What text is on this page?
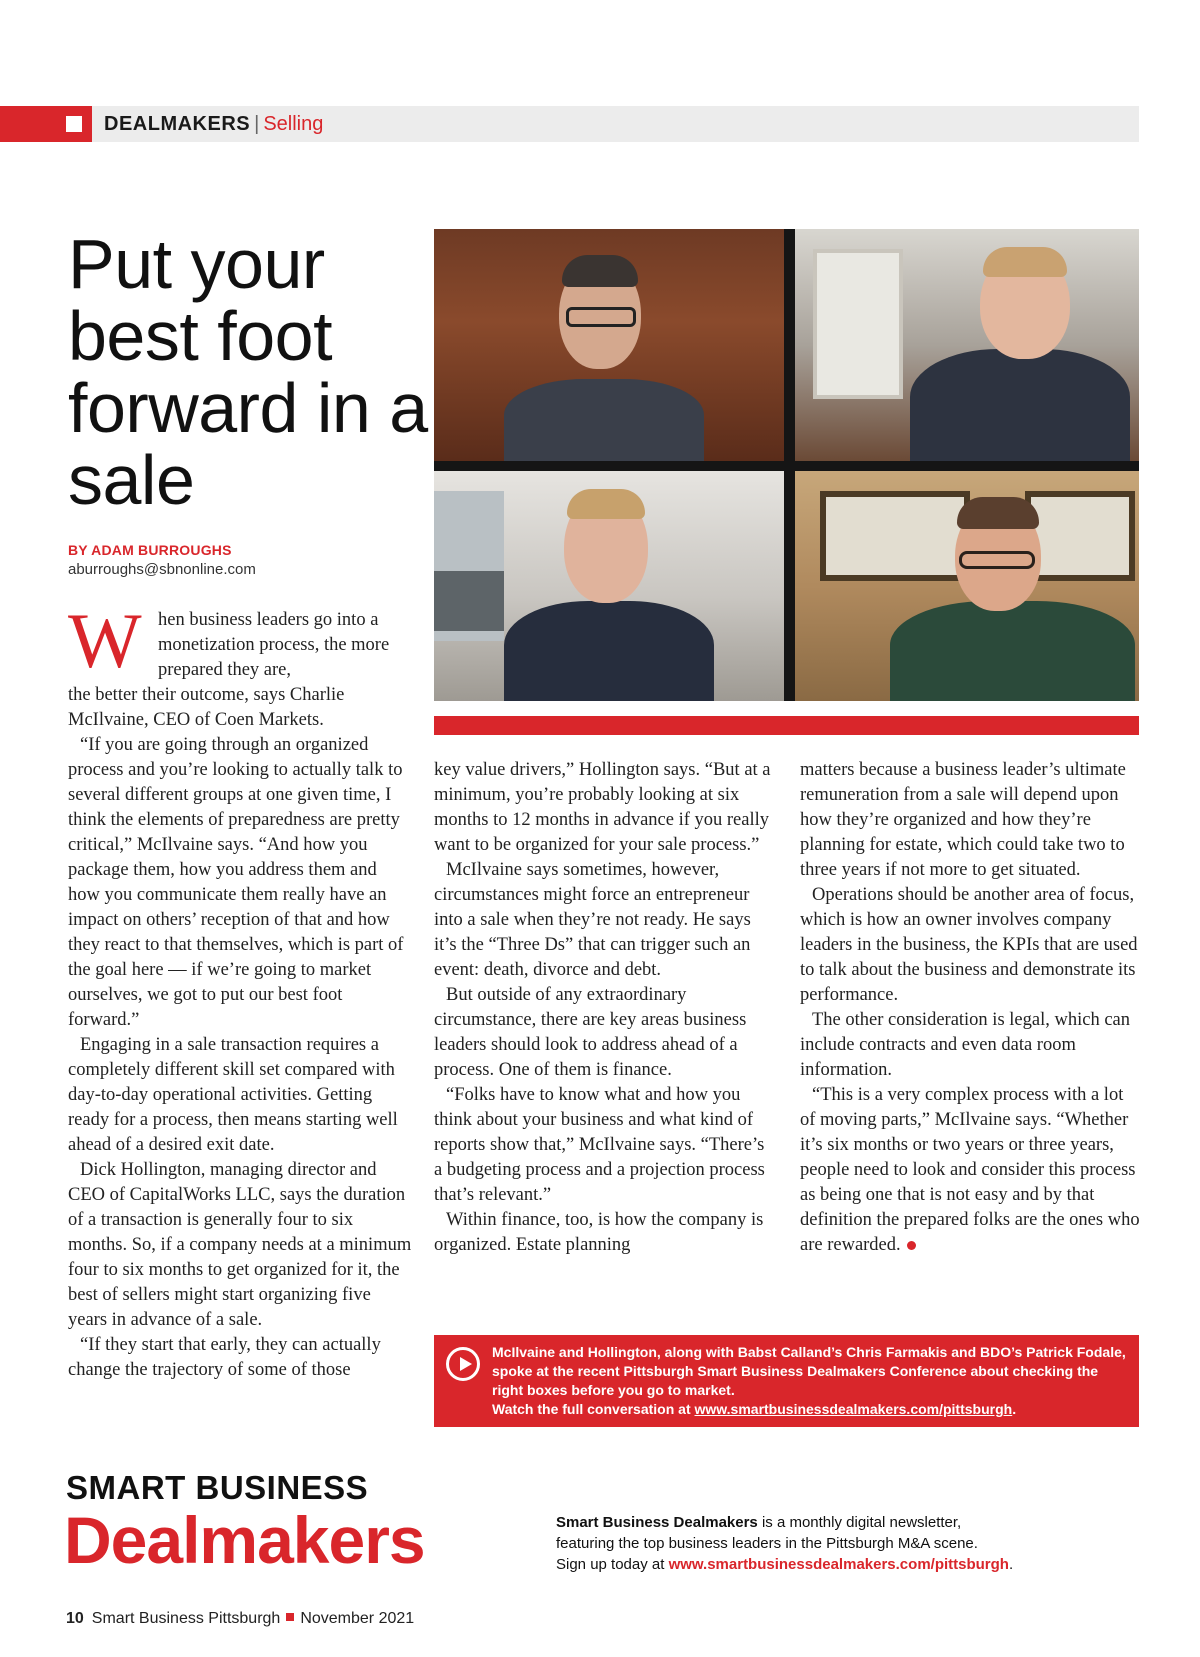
DEALMAKERS | Selling
Put your best foot forward in a sale
BY ADAM BURROUGHS
aburroughs@sbnonline.com
W hen business leaders go into a monetization process, the more prepared they are,

the better their outcome, says Charlie McIlvaine, CEO of Coen Markets.

“If you are going through an organized process and you’re looking to actually talk to several different groups at one given time, I think the elements of preparedness are pretty critical,” McIlvaine says. “And how you package them, how you address them and how you communicate them really have an impact on others’ reception of that and how they react to that themselves, which is part of the goal here — if we’re going to market ourselves, we got to put our best foot forward.”

Engaging in a sale transaction requires a completely different skill set compared with day-to-day operational activities. Getting ready for a process, then means starting well ahead of a desired exit date.

Dick Hollington, managing director and CEO of CapitalWorks LLC, says the duration of a transaction is generally four to six months. So, if a company needs at a minimum four to six months to get organized for it, the best of sellers might start organizing five years in advance of a sale.

“If they start that early, they can actually change the trajectory of some of those

key value drivers,” Hollington says. “But at a minimum, you’re probably looking at six months to 12 months in advance if you really want to be organized for your sale process.”

McIlvaine says sometimes, however, circumstances might force an entrepreneur into a sale when they’re not ready. He says it’s the “Three Ds” that can trigger such an event: death, divorce and debt.

But outside of any extraordinary circumstance, there are key areas business leaders should look to address ahead of a process. One of them is finance.

“Folks have to know what and how you think about your business and what kind of reports show that,” McIlvaine says. “There’s a budgeting process and a projection process that’s relevant.”

Within finance, too, is how the company is organized. Estate planning

matters because a business leader’s ultimate remuneration from a sale will depend upon how they’re organized and how they’re planning for estate, which could take two to three years if not more to get situated.

Operations should be another area of focus, which is how an owner involves company leaders in the business, the KPIs that are used to talk about the business and demonstrate its performance.

The other consideration is legal, which can include contracts and even data room information.

“This is a very complex process with a lot of moving parts,” McIlvaine says. “Whether it’s six months or two years or three years, people need to look and consider this process as being one that is not easy and by that definition the prepared folks are the ones who are rewarded.

McIlvaine and Hollington, along with Babst Calland’s Chris Farmakis and BDO’s Patrick Fodale, spoke at the recent Pittsburgh Smart Business Dealmakers Conference about checking the right boxes before you go to market.
Watch the full conversation at www.smartbusinessdealmakers.com/pittsburgh.
SMART BUSINESS
Dealmakers	Smart Business Dealmakers is a monthly digital newsletter,
featuring the top business leaders in the Pittsburgh M&A scene.
Sign up today at www.smartbusinessdealmakers.com/pittsburgh.
10 Smart Business Pittsburgh November 2021
